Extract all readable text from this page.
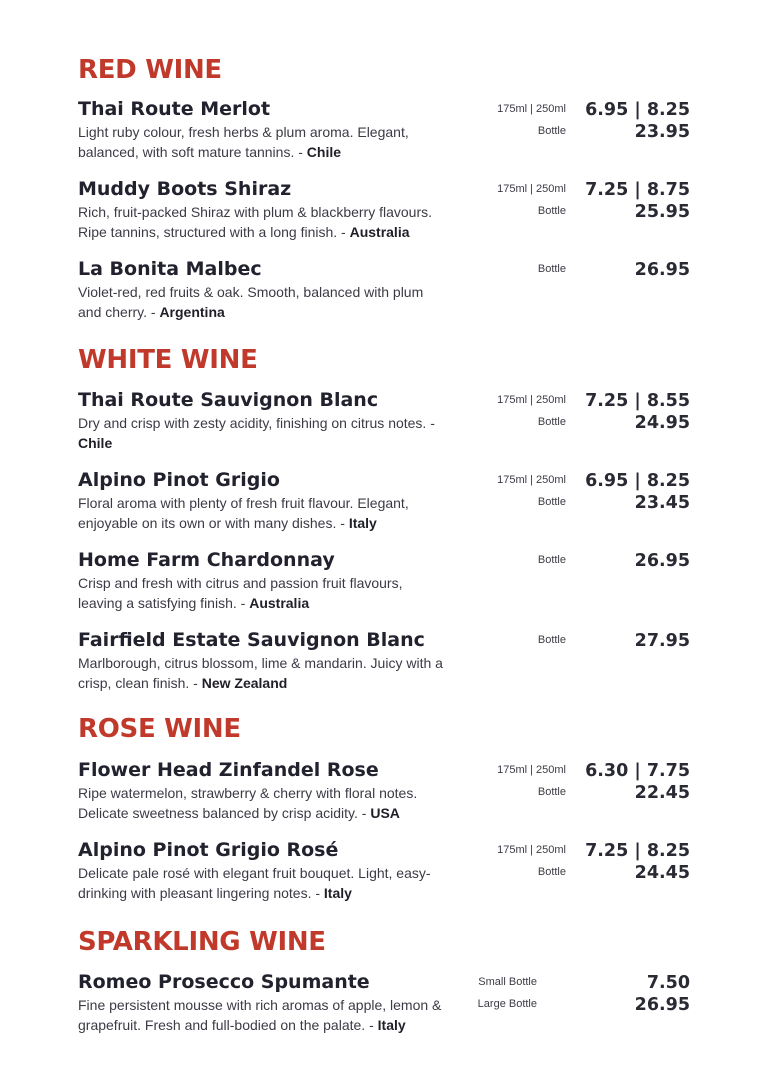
RED WINE
Thai Route Merlot
Light ruby colour, fresh herbs & plum aroma. Elegant, balanced, with soft mature tannins. - Chile
175ml | 250ml	6.95 | 8.25
Bottle	23.95
Muddy Boots Shiraz
Rich, fruit-packed Shiraz with plum & blackberry flavours. Ripe tannins, structured with a long finish. - Australia
175ml | 250ml	7.25 | 8.75
Bottle	25.95
La Bonita Malbec
Violet-red, red fruits & oak. Smooth, balanced with plum and cherry. - Argentina
Bottle	26.95
WHITE WINE
Thai Route Sauvignon Blanc
Dry and crisp with zesty acidity, finishing on citrus notes. - Chile
175ml | 250ml	7.25 | 8.55
Bottle	24.95
Alpino Pinot Grigio
Floral aroma with plenty of fresh fruit flavour. Elegant, enjoyable on its own or with many dishes. - Italy
175ml | 250ml	6.95 | 8.25
Bottle	23.45
Home Farm Chardonnay
Crisp and fresh with citrus and passion fruit flavours, leaving a satisfying finish. - Australia
Bottle	26.95
Fairfield Estate Sauvignon Blanc
Marlborough, citrus blossom, lime & mandarin. Juicy with a crisp, clean finish. - New Zealand
Bottle	27.95
ROSE WINE
Flower Head Zinfandel Rose
Ripe watermelon, strawberry & cherry with floral notes. Delicate sweetness balanced by crisp acidity. - USA
175ml | 250ml	6.30 | 7.75
Bottle	22.45
Alpino Pinot Grigio Rosé
Delicate pale rosé with elegant fruit bouquet. Light, easy-drinking with pleasant lingering notes. - Italy
175ml | 250ml	7.25 | 8.25
Bottle	24.45
SPARKLING WINE
Romeo Prosecco Spumante
Fine persistent mousse with rich aromas of apple, lemon & grapefruit. Fresh and full-bodied on the palate. - Italy
Small Bottle	7.50
Large Bottle	26.95
